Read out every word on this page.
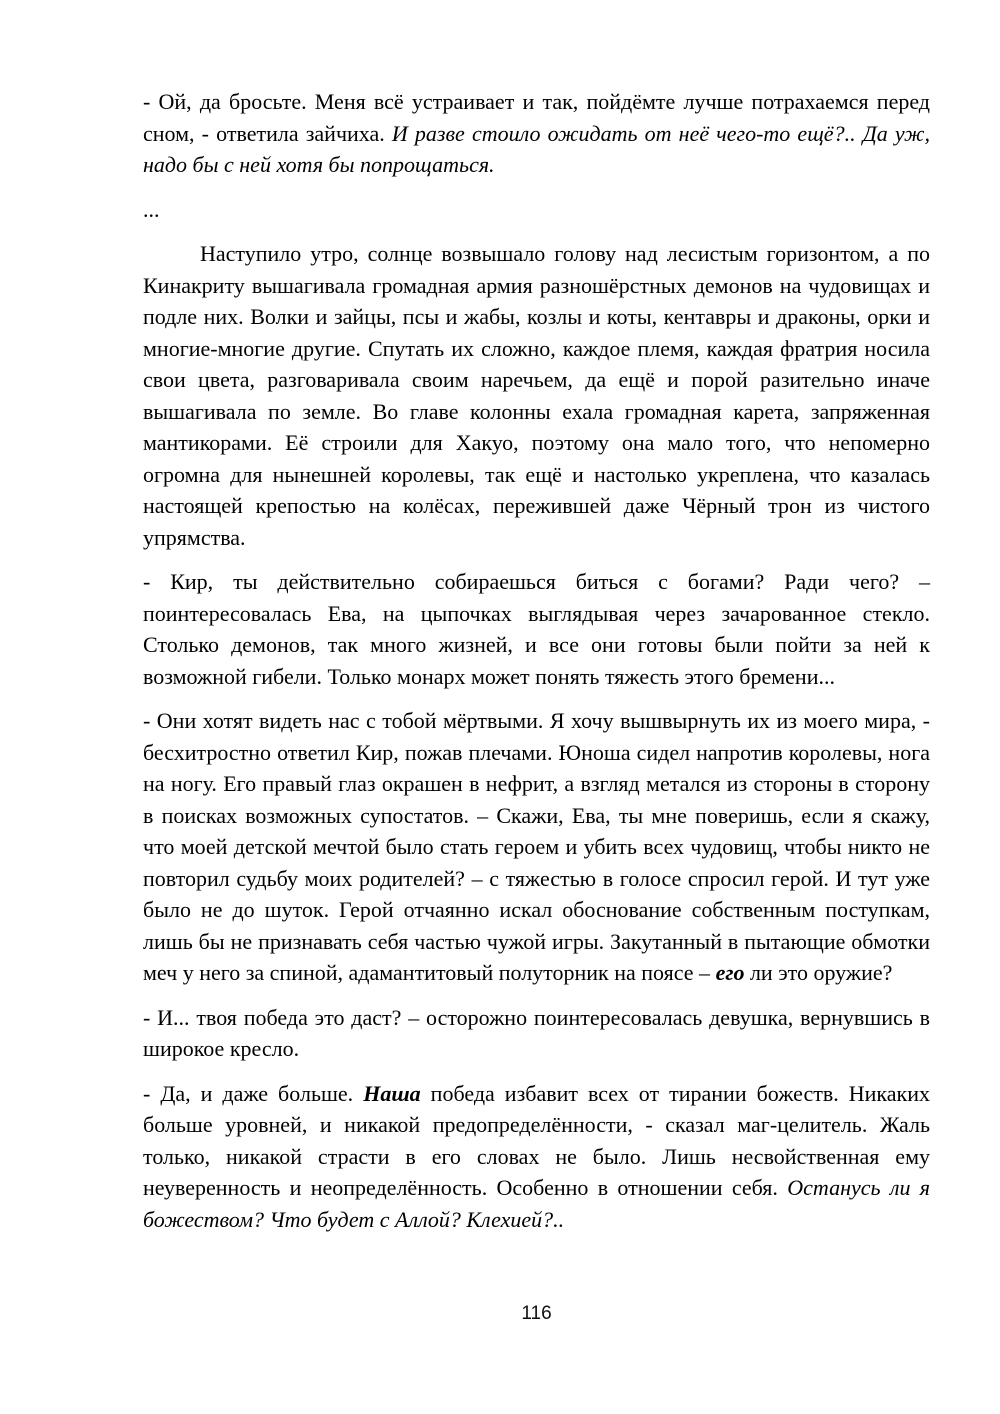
- Ой, да бросьте. Меня всё устраивает и так, пойдёмте лучше потрахаемся перед сном, - ответила зайчиха. И разве стоило ожидать от неё чего-то ещё?.. Да уж, надо бы с ней хотя бы попрощаться.

...

Наступило утро, солнце возвышало голову над лесистым горизонтом, а по Кинакриту вышагивала громадная армия разношёрстных демонов на чудовищах и подле них. Волки и зайцы, псы и жабы, козлы и коты, кентавры и драконы, орки и многие-многие другие. Спутать их сложно, каждое племя, каждая фратрия носила свои цвета, разговаривала своим наречьем, да ещё и порой разительно иначе вышагивала по земле. Во главе колонны ехала громадная карета, запряженная мантикорами. Её строили для Хакуо, поэтому она мало того, что непомерно огромна для нынешней королевы, так ещё и настолько укреплена, что казалась настоящей крепостью на колёсах, пережившей даже Чёрный трон из чистого упрямства.

- Кир, ты действительно собираешься биться с богами? Ради чего? – поинтересовалась Ева, на цыпочках выглядывая через зачарованное стекло. Столько демонов, так много жизней, и все они готовы были пойти за ней к возможной гибели. Только монарх может понять тяжесть этого бремени...

- Они хотят видеть нас с тобой мёртвыми. Я хочу вышвырнуть их из моего мира, - бесхитростно ответил Кир, пожав плечами. Юноша сидел напротив королевы, нога на ногу. Его правый глаз окрашен в нефрит, а взгляд метался из стороны в сторону в поисках возможных супостатов. – Скажи, Ева, ты мне поверишь, если я скажу, что моей детской мечтой было стать героем и убить всех чудовищ, чтобы никто не повторил судьбу моих родителей? – с тяжестью в голосе спросил герой. И тут уже было не до шуток. Герой отчаянно искал обоснование собственным поступкам, лишь бы не признавать себя частью чужой игры. Закутанный в пытающие обмотки меч у него за спиной, адамантитовый полуторник на поясе – его ли это оружие?

- И... твоя победа это даст? – осторожно поинтересовалась девушка, вернувшись в широкое кресло.

- Да, и даже больше. Наша победа избавит всех от тирании божеств. Никаких больше уровней, и никакой предопределённости, - сказал маг-целитель. Жаль только, никакой страсти в его словах не было. Лишь несвойственная ему неуверенность и неопределённость. Особенно в отношении себя. Останусь ли я божеством? Что будет с Аллой? Клехией?..

116
